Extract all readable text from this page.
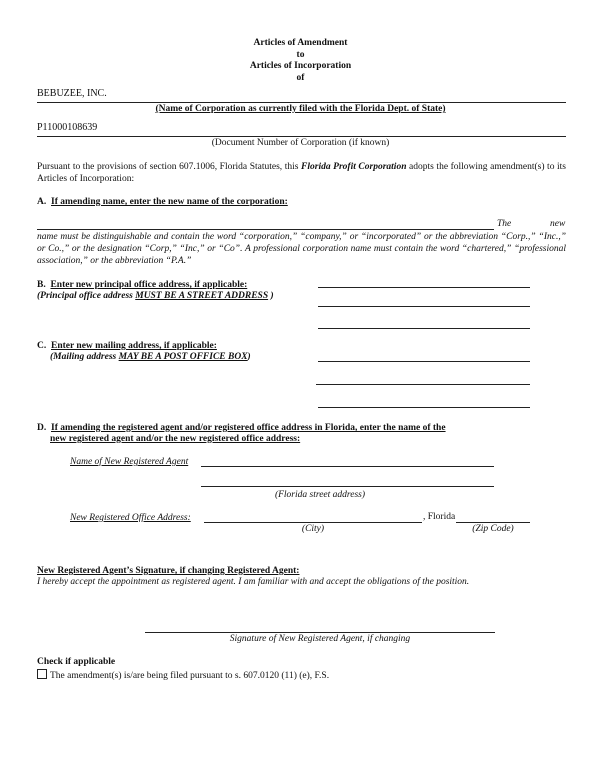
Articles of Amendment
to
Articles of Incorporation
of
BEBUZEE, INC.
(Name of Corporation as currently filed with the Florida Dept. of State)
P11000108639
(Document Number of Corporation (if known)
Pursuant to the provisions of section 607.1006, Florida Statutes, this Florida Profit Corporation adopts the following amendment(s) to its Articles of Incorporation:
A. If amending name, enter the new name of the corporation:
The	new
name must be distinguishable and contain the word “corporation,” “company,” or “incorporated” or the abbreviation “Corp.,” “Inc.,” or Co.,” or the designation “Corp,” “Inc,” or “Co”. A professional corporation name must contain the word “chartered,” “professional association,” or the abbreviation “P.A.”
B. Enter new principal office address, if applicable:
(Principal office address MUST BE A STREET ADDRESS )
C. Enter new mailing address, if applicable:
(Mailing address MAY BE A POST OFFICE BOX)
D. If amending the registered agent and/or registered office address in Florida, enter the name of the
new registered agent and/or the new registered office address:
Name of New Registered Agent
(Florida street address)
New Registered Office Address:	, Florida
(City)	(Zip Code)
New Registered Agent’s Signature, if changing Registered Agent:
I hereby accept the appointment as registered agent. I am familiar with and accept the obligations of the position.
Signature of New Registered Agent, if changing
Check if applicable
The amendment(s) is/are being filed pursuant to s. 607.0120 (11) (e), F.S.
